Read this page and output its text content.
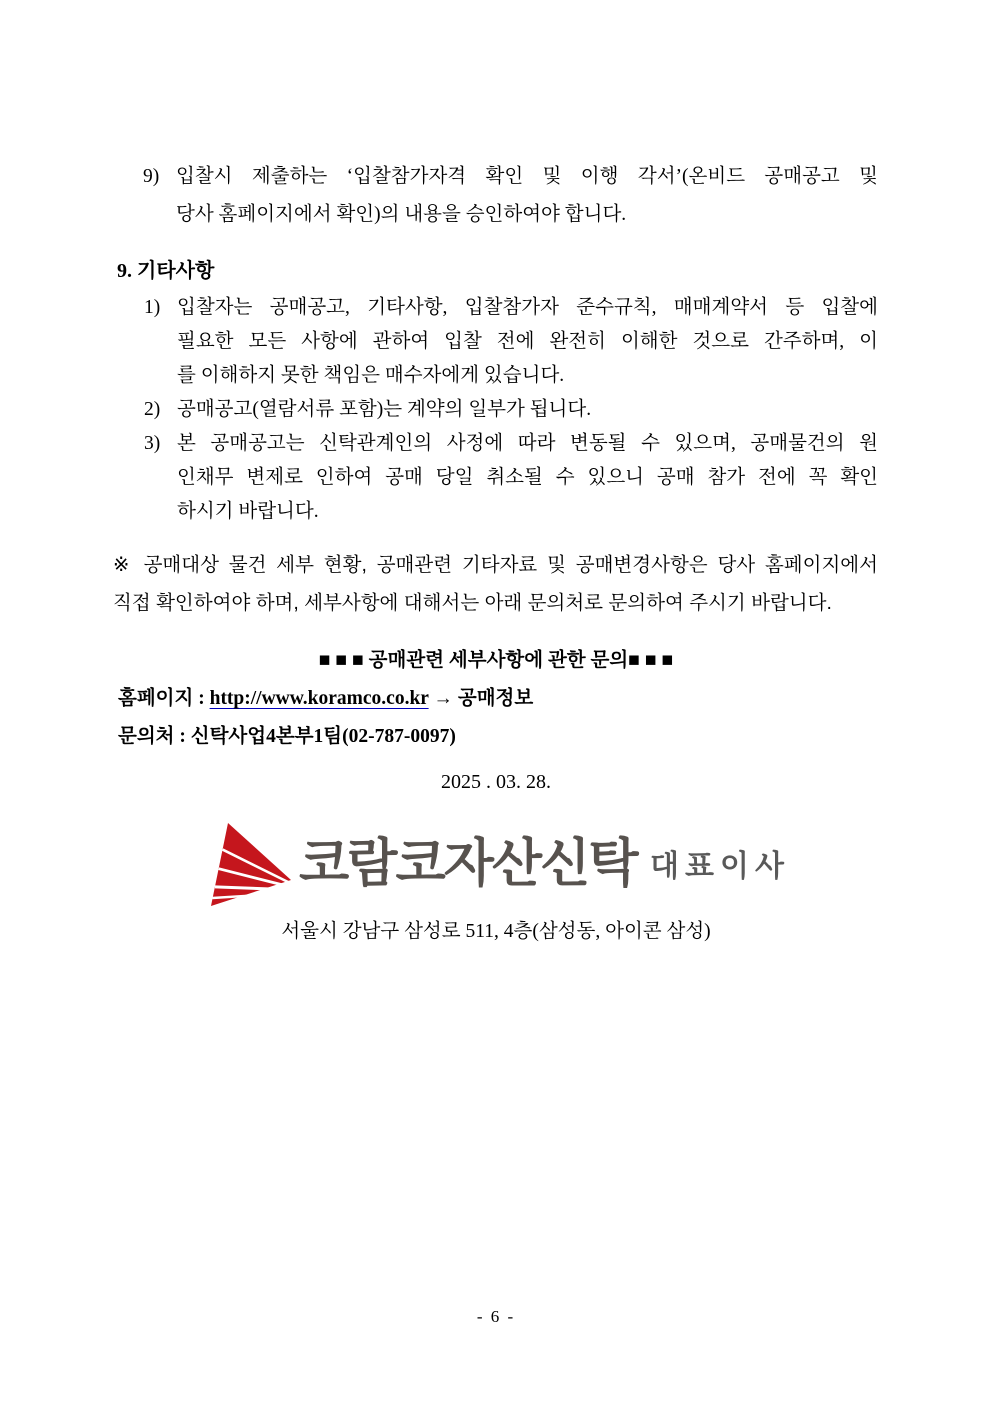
9) 입찰시 제출하는 ‘입찰참가자격 확인 및 이행 각서’(온비드 공매공고 및
당사 홈페이지에서 확인)의 내용을 승인하여야 합니다.
9. 기타사항
1) 입찰자는 공매공고, 기타사항, 입찰참가자 준수규칙, 매매계약서 등 입찰에
필요한 모든 사항에 관하여 입찰 전에 완전히 이해한 것으로 간주하며, 이
를 이해하지 못한 책임은 매수자에게 있습니다.
2) 공매공고(열람서류 포함)는 계약의 일부가 됩니다.
3) 본 공매공고는 신탁관계인의 사정에 따라 변동될 수 있으며, 공매물건의 원
인채무 변제로 인하여 공매 당일 취소될 수 있으니 공매 참가 전에 꼭 확인
하시기 바랍니다.
※ 공매대상 물건 세부 현황, 공매관련 기타자료 및 공매변경사항은 당사 홈페이지에서
직접 확인하여야 하며, 세부사항에 대해서는 아래 문의처로 문의하여 주시기 바랍니다.
■ ■ ■ 공매관련 세부사항에 관한 문의■ ■ ■
홈페이지 : http://www.koramco.co.kr → 공매정보
문의처 : 신탁사업4본부1팀(02-787-0097)
2025 . 03. 28.
코람코자산신탁 대표이사
서울시 강남구 삼성로 511, 4층(삼성동, 아이콘 삼성)
- 6 -
